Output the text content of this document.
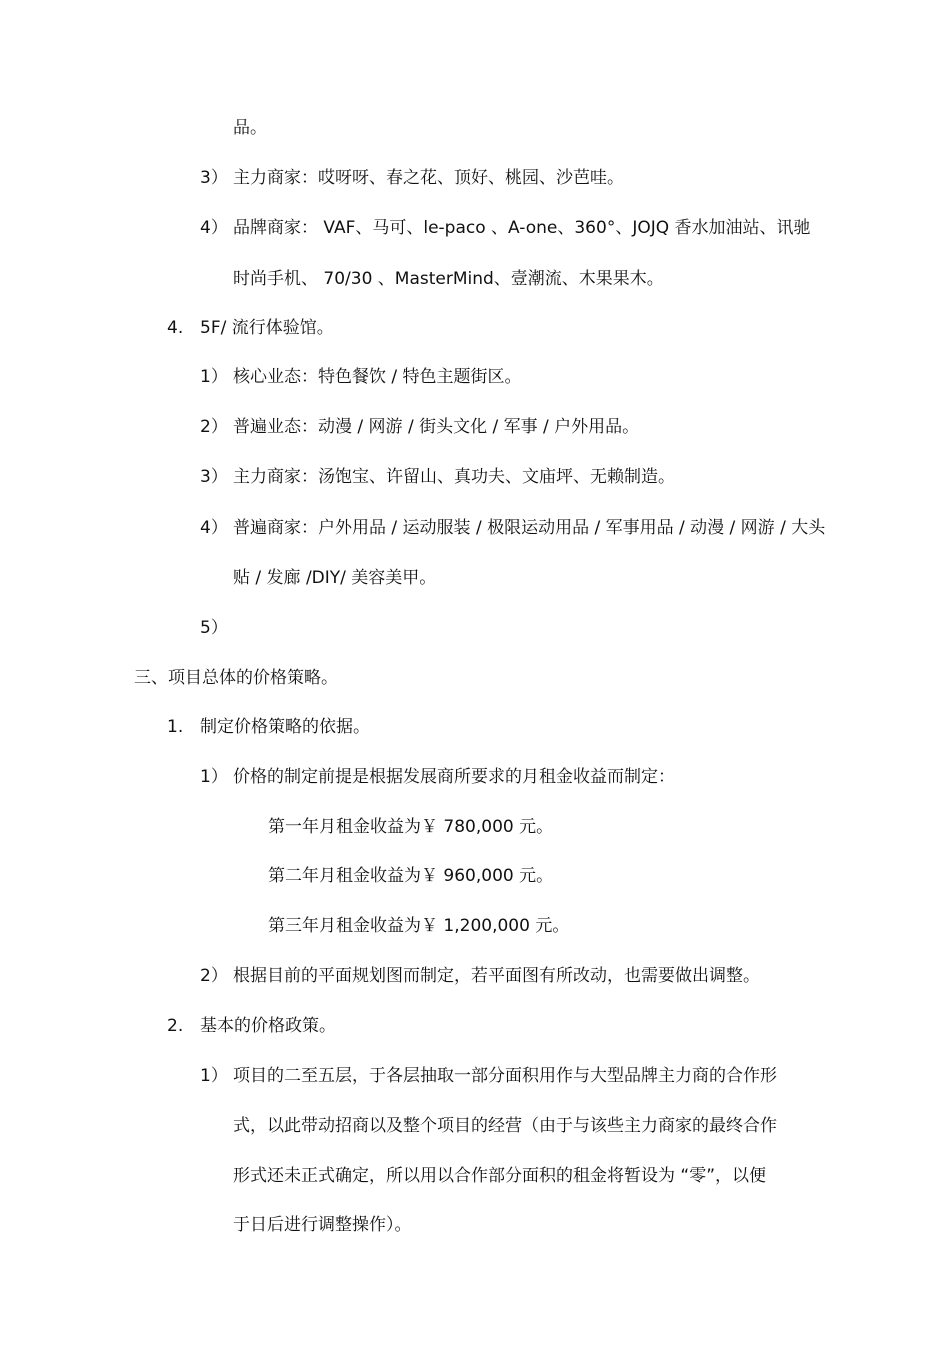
品。
3） 主力商家：哎呀呀、春之花、顶好、桃园、沙芭哇。
4） 品牌商家： VAF、马可、le-paco 、A-one、360°、JOJQ 香水加油站、讯驰
时尚手机、 70/30 、MasterMind、壹潮流、木果果木。
4. 5F/ 流行体验馆。
1） 核心业态：特色餐饮 / 特色主题街区。
2） 普遍业态：动漫 / 网游 / 街头文化 / 军事 / 户外用品。
3） 主力商家：汤饱宝、许留山、真功夫、文庙坪、无赖制造。
4） 普遍商家：户外用品 / 运动服装 / 极限运动用品 / 军事用品 / 动漫 / 网游 / 大头
贴 / 发廊 /DIY/ 美容美甲。
5）
三、项目总体的价格策略。
1. 制定价格策略的依据。
1） 价格的制定前提是根据发展商所要求的月租金收益而制定：
第一年月租金收益为￥ 780,000 元。
第二年月租金收益为￥ 960,000 元。
第三年月租金收益为￥ 1,200,000 元。
2） 根据目前的平面规划图而制定，若平面图有所改动，也需要做出调整。
2. 基本的价格政策。
1） 项目的二至五层，于各层抽取一部分面积用作与大型品牌主力商的合作形
式，以此带动招商以及整个项目的经营（由于与该些主力商家的最终合作
形式还未正式确定，所以用以合作部分面积的租金将暂设为 “零”，以便
于日后进行调整操作）。
